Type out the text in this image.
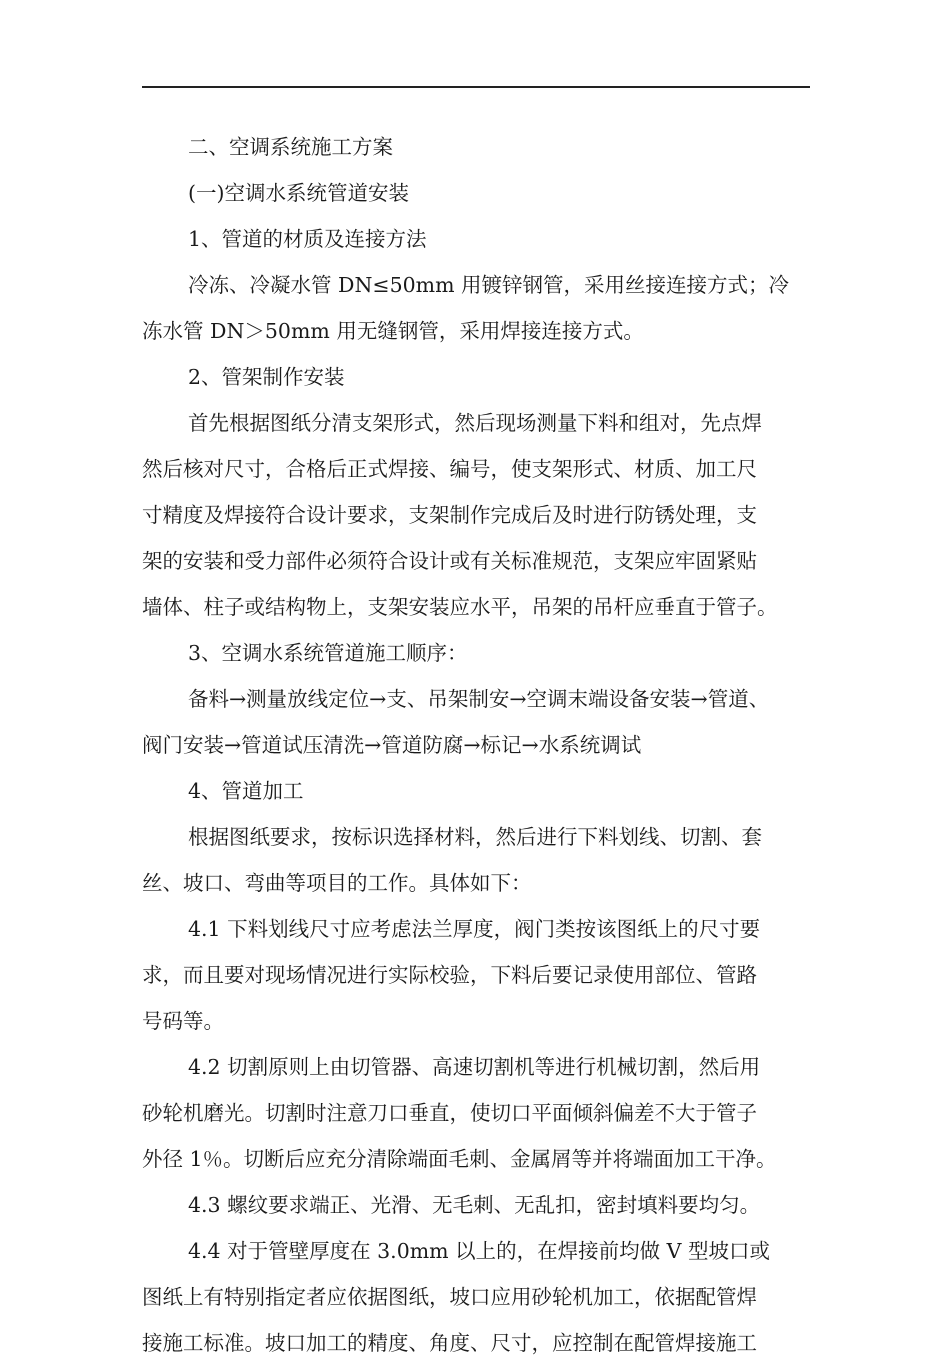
二、空调系统施工方案
(一)空调水系统管道安装
1、管道的材质及连接方法
冷冻、冷凝水管 DN≤50mm 用镀锌钢管，采用丝接连接方式；冷
冻水管 DN＞50mm 用无缝钢管，采用焊接连接方式。
2、管架制作安装
首先根据图纸分清支架形式，然后现场测量下料和组对，先点焊
然后核对尺寸，合格后正式焊接、编号，使支架形式、材质、加工尺
寸精度及焊接符合设计要求，支架制作完成后及时进行防锈处理，支
架的安装和受力部件必须符合设计或有关标准规范，支架应牢固紧贴
墙体、柱子或结构物上，支架安装应水平，吊架的吊杆应垂直于管子。
3、空调水系统管道施工顺序：
备料→测量放线定位→支、吊架制安→空调末端设备安装→管道、
阀门安装→管道试压清洗→管道防腐→标记→水系统调试
4、管道加工
根据图纸要求，按标识选择材料，然后进行下料划线、切割、套
丝、坡口、弯曲等项目的工作。具体如下：
4.1 下料划线尺寸应考虑法兰厚度，阀门类按该图纸上的尺寸要
求，而且要对现场情况进行实际校验，下料后要记录使用部位、管路
号码等。
4.2 切割原则上由切管器、高速切割机等进行机械切割，然后用
砂轮机磨光。切割时注意刀口垂直，使切口平面倾斜偏差不大于管子
外径 1％。切断后应充分清除端面毛刺、金属屑等并将端面加工干净。
4.3 螺纹要求端正、光滑、无毛刺、无乱扣，密封填料要均匀。
4.4 对于管壁厚度在 3.0mm 以上的，在焊接前均做 V 型坡口或
图纸上有特别指定者应依据图纸，坡口应用砂轮机加工，依据配管焊
接施工标准。坡口加工的精度、角度、尺寸，应控制在配管焊接施工
